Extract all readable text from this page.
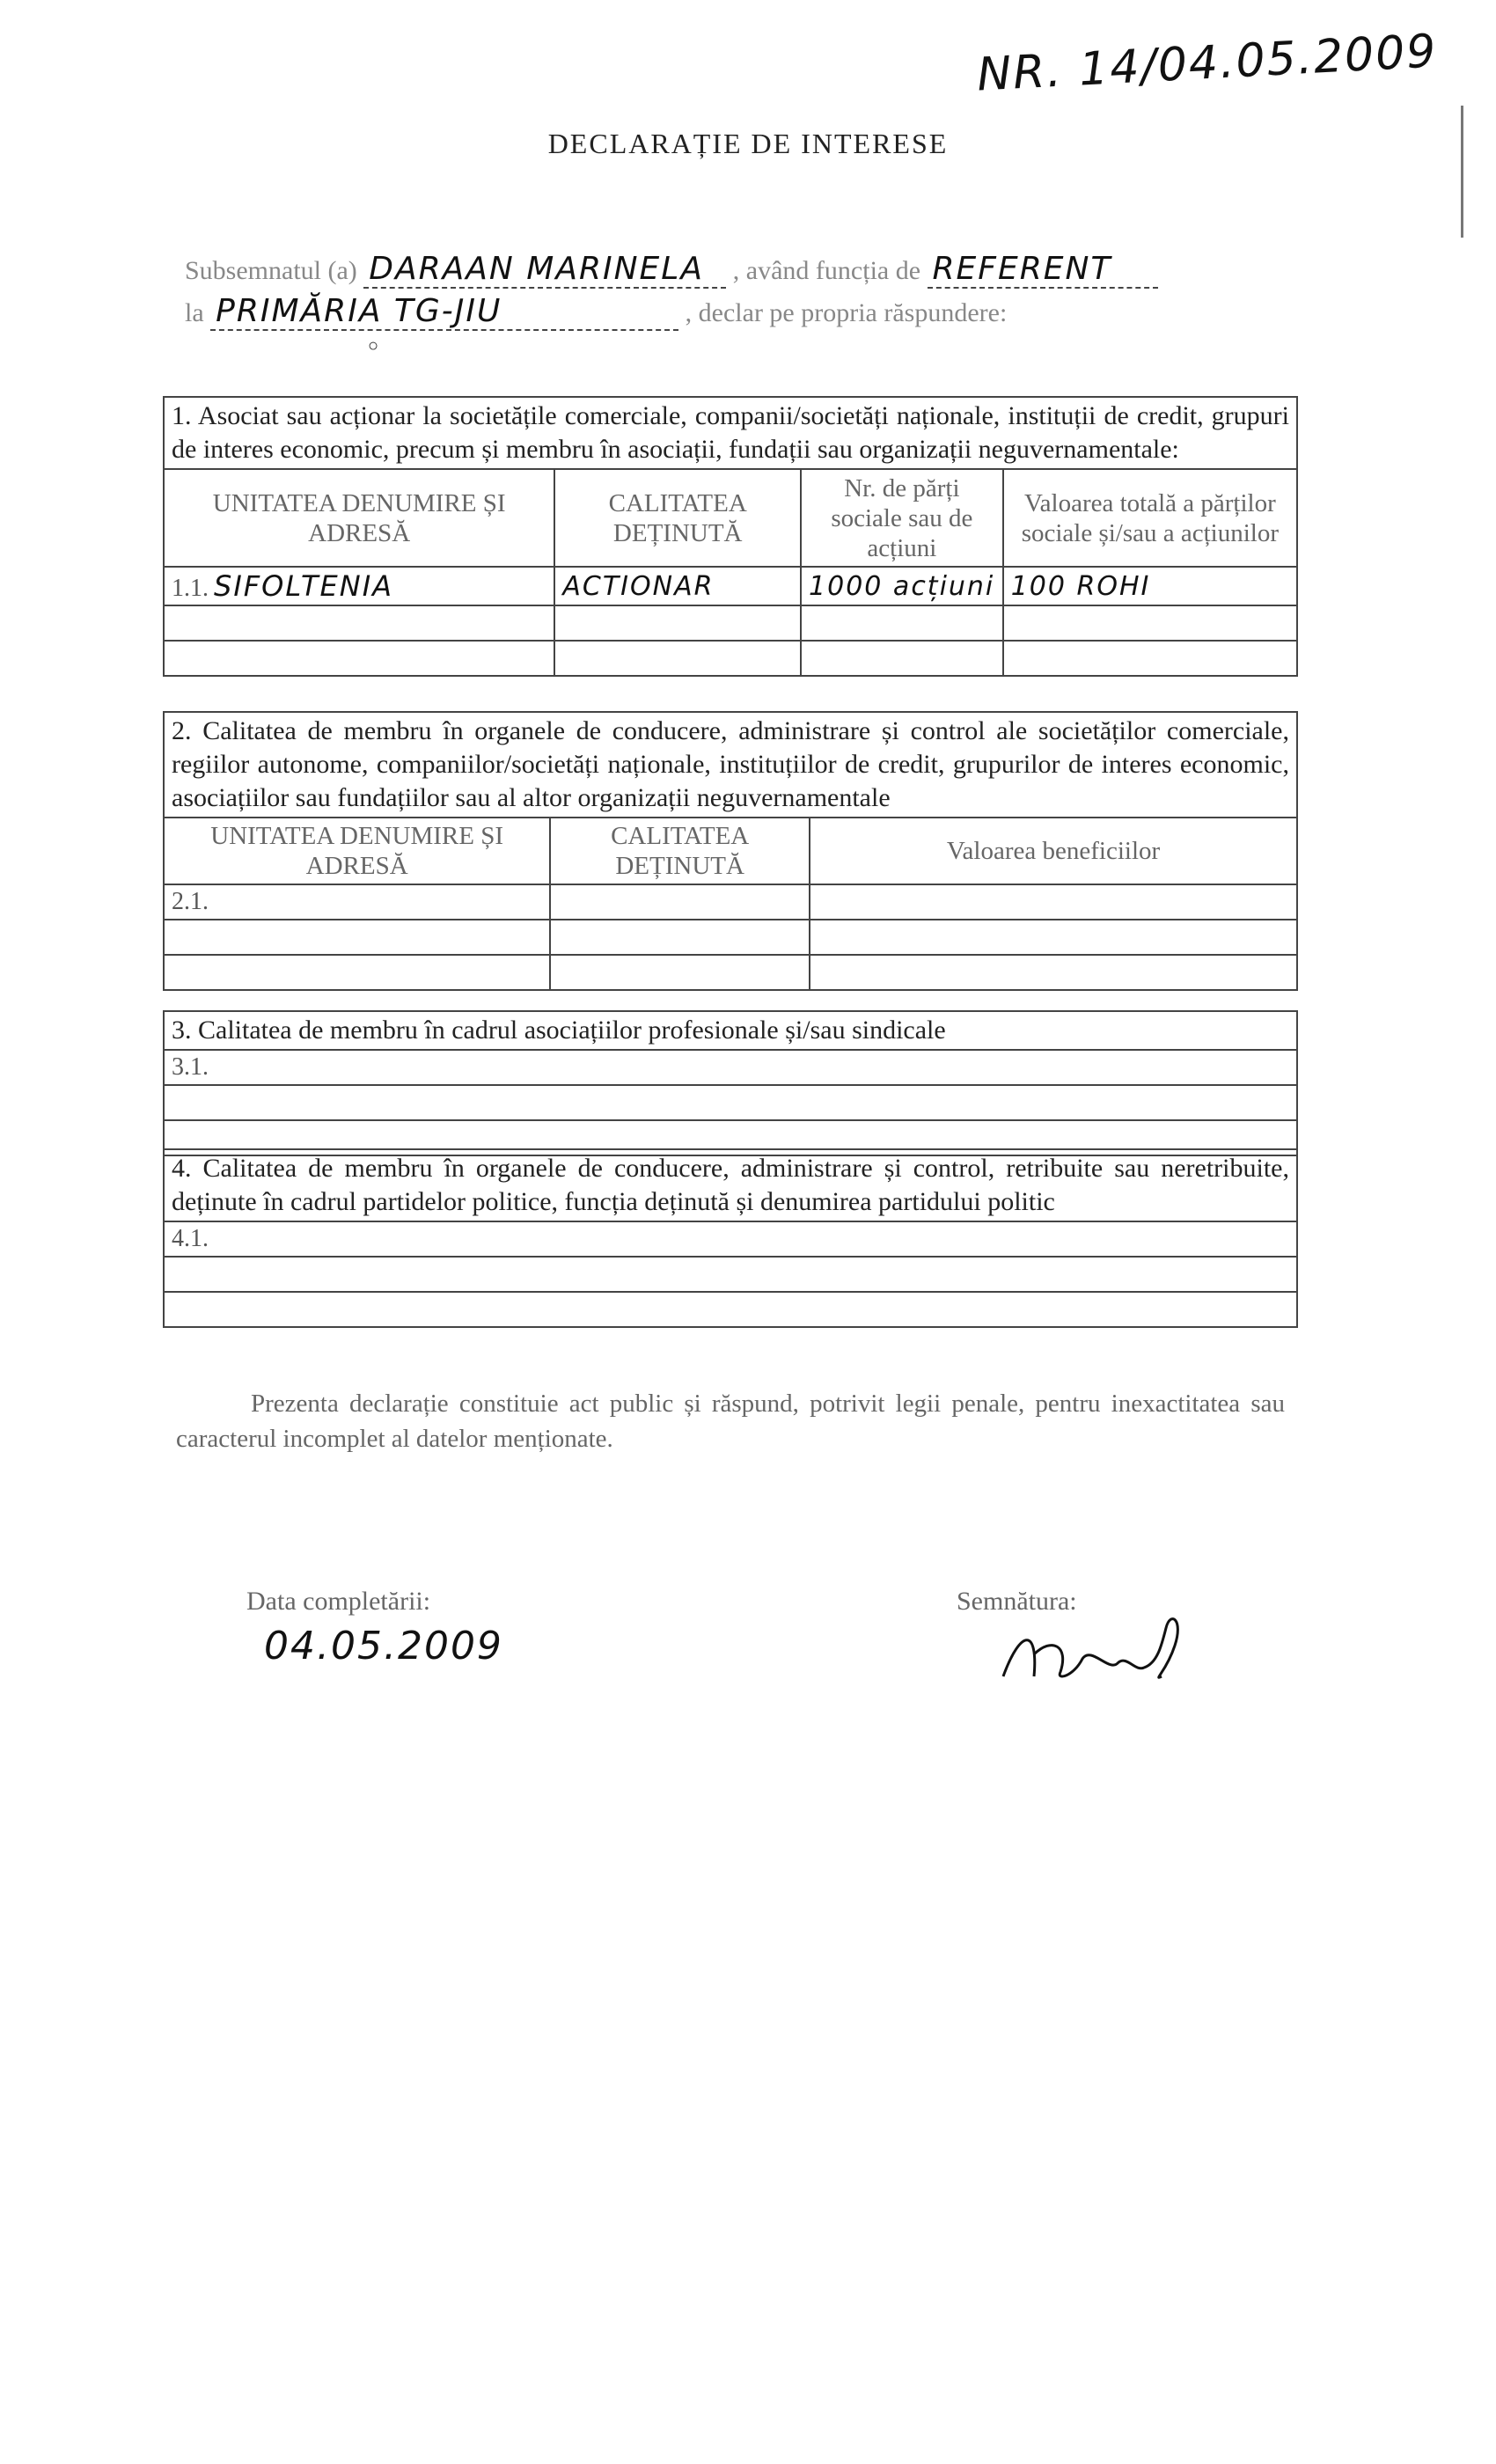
NR. 14/04.05.2009
DECLARAȚIE DE INTERESE
Subsemnatul (a) DARAAN MARINELA , având funcția de REFERENT
la PRIMĂRIA TG-JIU	, declar pe propria răspundere:
○
1. Asociat sau acționar la societățile comerciale, companii/societăți naționale, instituții de credit, grupuri de interes economic, precum și membru în asociații, fundații sau organizații neguvernamentale:			
UNITATEA DENUMIRE ȘI ADRESĂ	CALITATEA DEȚINUTĂ	Nr. de părți sociale sau de acțiuni	Valoarea totală a părților sociale și/sau a acțiunilor
1.1. SIFOLTENIA	ACTIONAR	1000 acțiuni	100 ROHI

2. Calitatea de membru în organele de conducere, administrare și control ale societăților comerciale, regiilor autonome, companiilor/societăți naționale, instituțiilor de credit, grupurilor de interes economic, asociațiilor sau fundațiilor sau al altor organizații neguvernamentale		
UNITATEA DENUMIRE ȘI ADRESĂ	CALITATEA DEȚINUTĂ	Valoarea beneficiilor
2.1.		

3. Calitatea de membru în cadrul asociațiilor profesionale și/sau sindicale
3.1.

4. Calitatea de membru în organele de conducere, administrare și control, retribuite sau neretribuite, deținute în cadrul partidelor politice, funcția deținută și denumirea partidului politic
4.1.

Prezenta declarație constituie act public și răspund, potrivit legii penale, pentru inexactitatea sau caracterul incomplet al datelor menționate.
Data completării:
04.05.2009
Semnătura:
